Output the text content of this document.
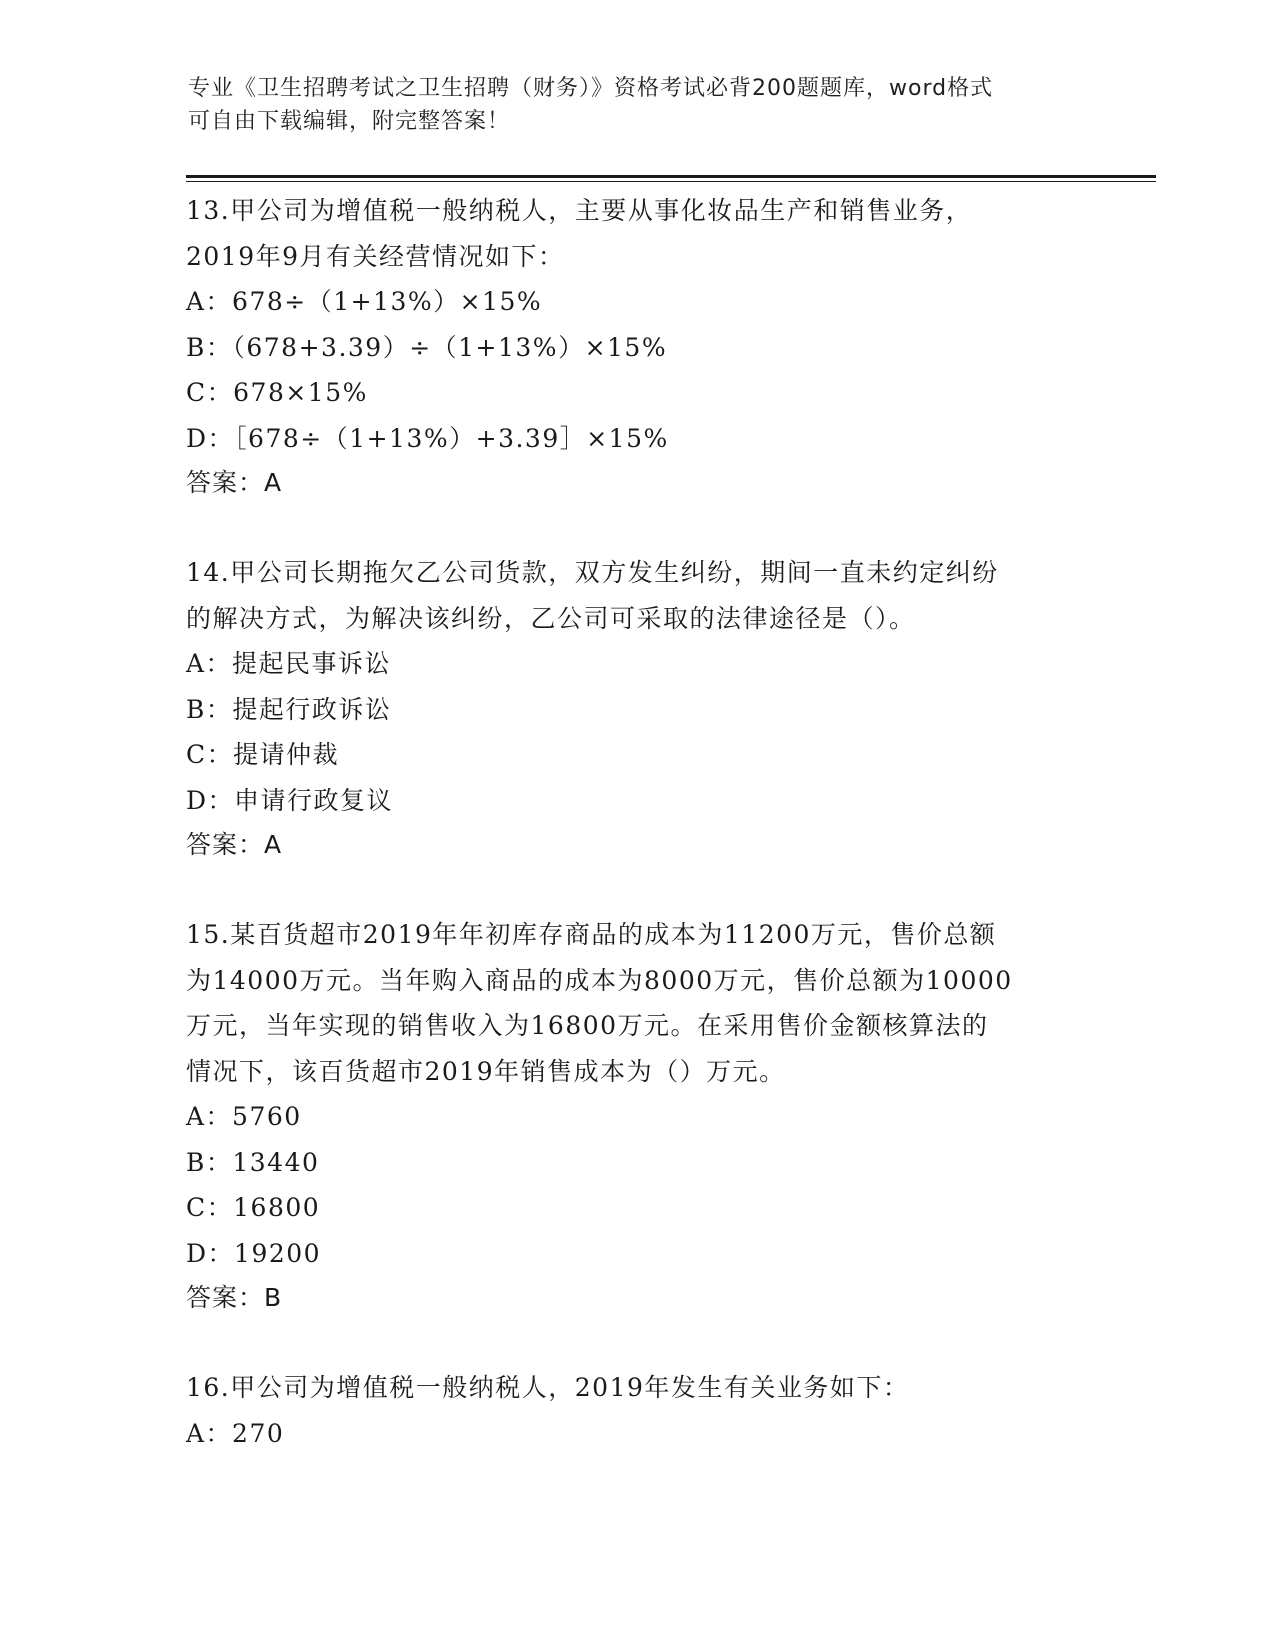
专业《卫生招聘考试之卫生招聘（财务）》资格考试必背200题题库，word格式
可自由下载编辑，附完整答案！
13.甲公司为增值税一般纳税人，主要从事化妆品生产和销售业务，
2019年9月有关经营情况如下：
A：678÷（1+13%）×15%
B：（678+3.39）÷（1+13%）×15%
C：678×15%
D：［678÷（1+13%）+3.39］×15%
答案：A
14.甲公司长期拖欠乙公司货款，双方发生纠纷，期间一直未约定纠纷
的解决方式，为解决该纠纷，乙公司可采取的法律途径是（）。
A：提起民事诉讼
B：提起行政诉讼
C：提请仲裁
D：申请行政复议
答案：A
15.某百货超市2019年年初库存商品的成本为11200万元，售价总额
为14000万元。当年购入商品的成本为8000万元，售价总额为10000
万元，当年实现的销售收入为16800万元。在采用售价金额核算法的
情况下，该百货超市2019年销售成本为（）万元。
A：5760
B：13440
C：16800
D：19200
答案：B
16.甲公司为增值税一般纳税人，2019年发生有关业务如下：
A：270
